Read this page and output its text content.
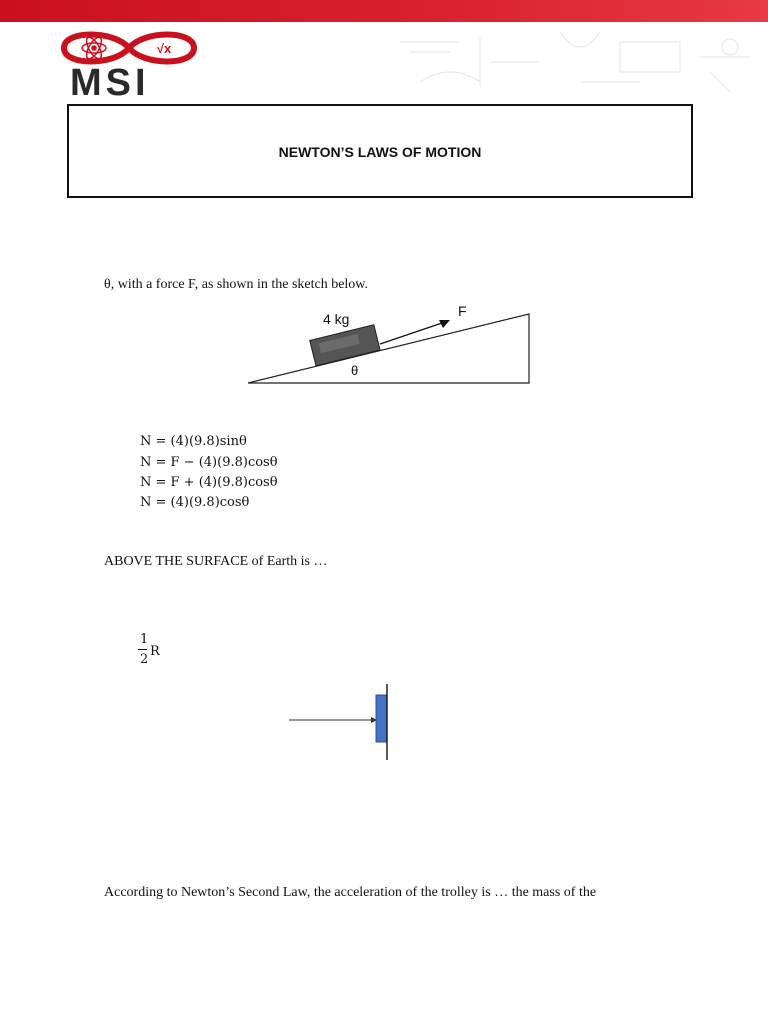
√x
MSI
NEWTON’S LAWS OF MOTION
θ, with a force F, as shown in the sketch below.
4 kg	F
θ
N = (4)(9.8)sinθ
N = F − (4)(9.8)cosθ
N = F + (4)(9.8)cosθ
N = (4)(9.8)cosθ
ABOVE THE SURFACE of Earth is …
1
2
R
According to Newton’s Second Law, the acceleration of the trolley is … the mass of the
